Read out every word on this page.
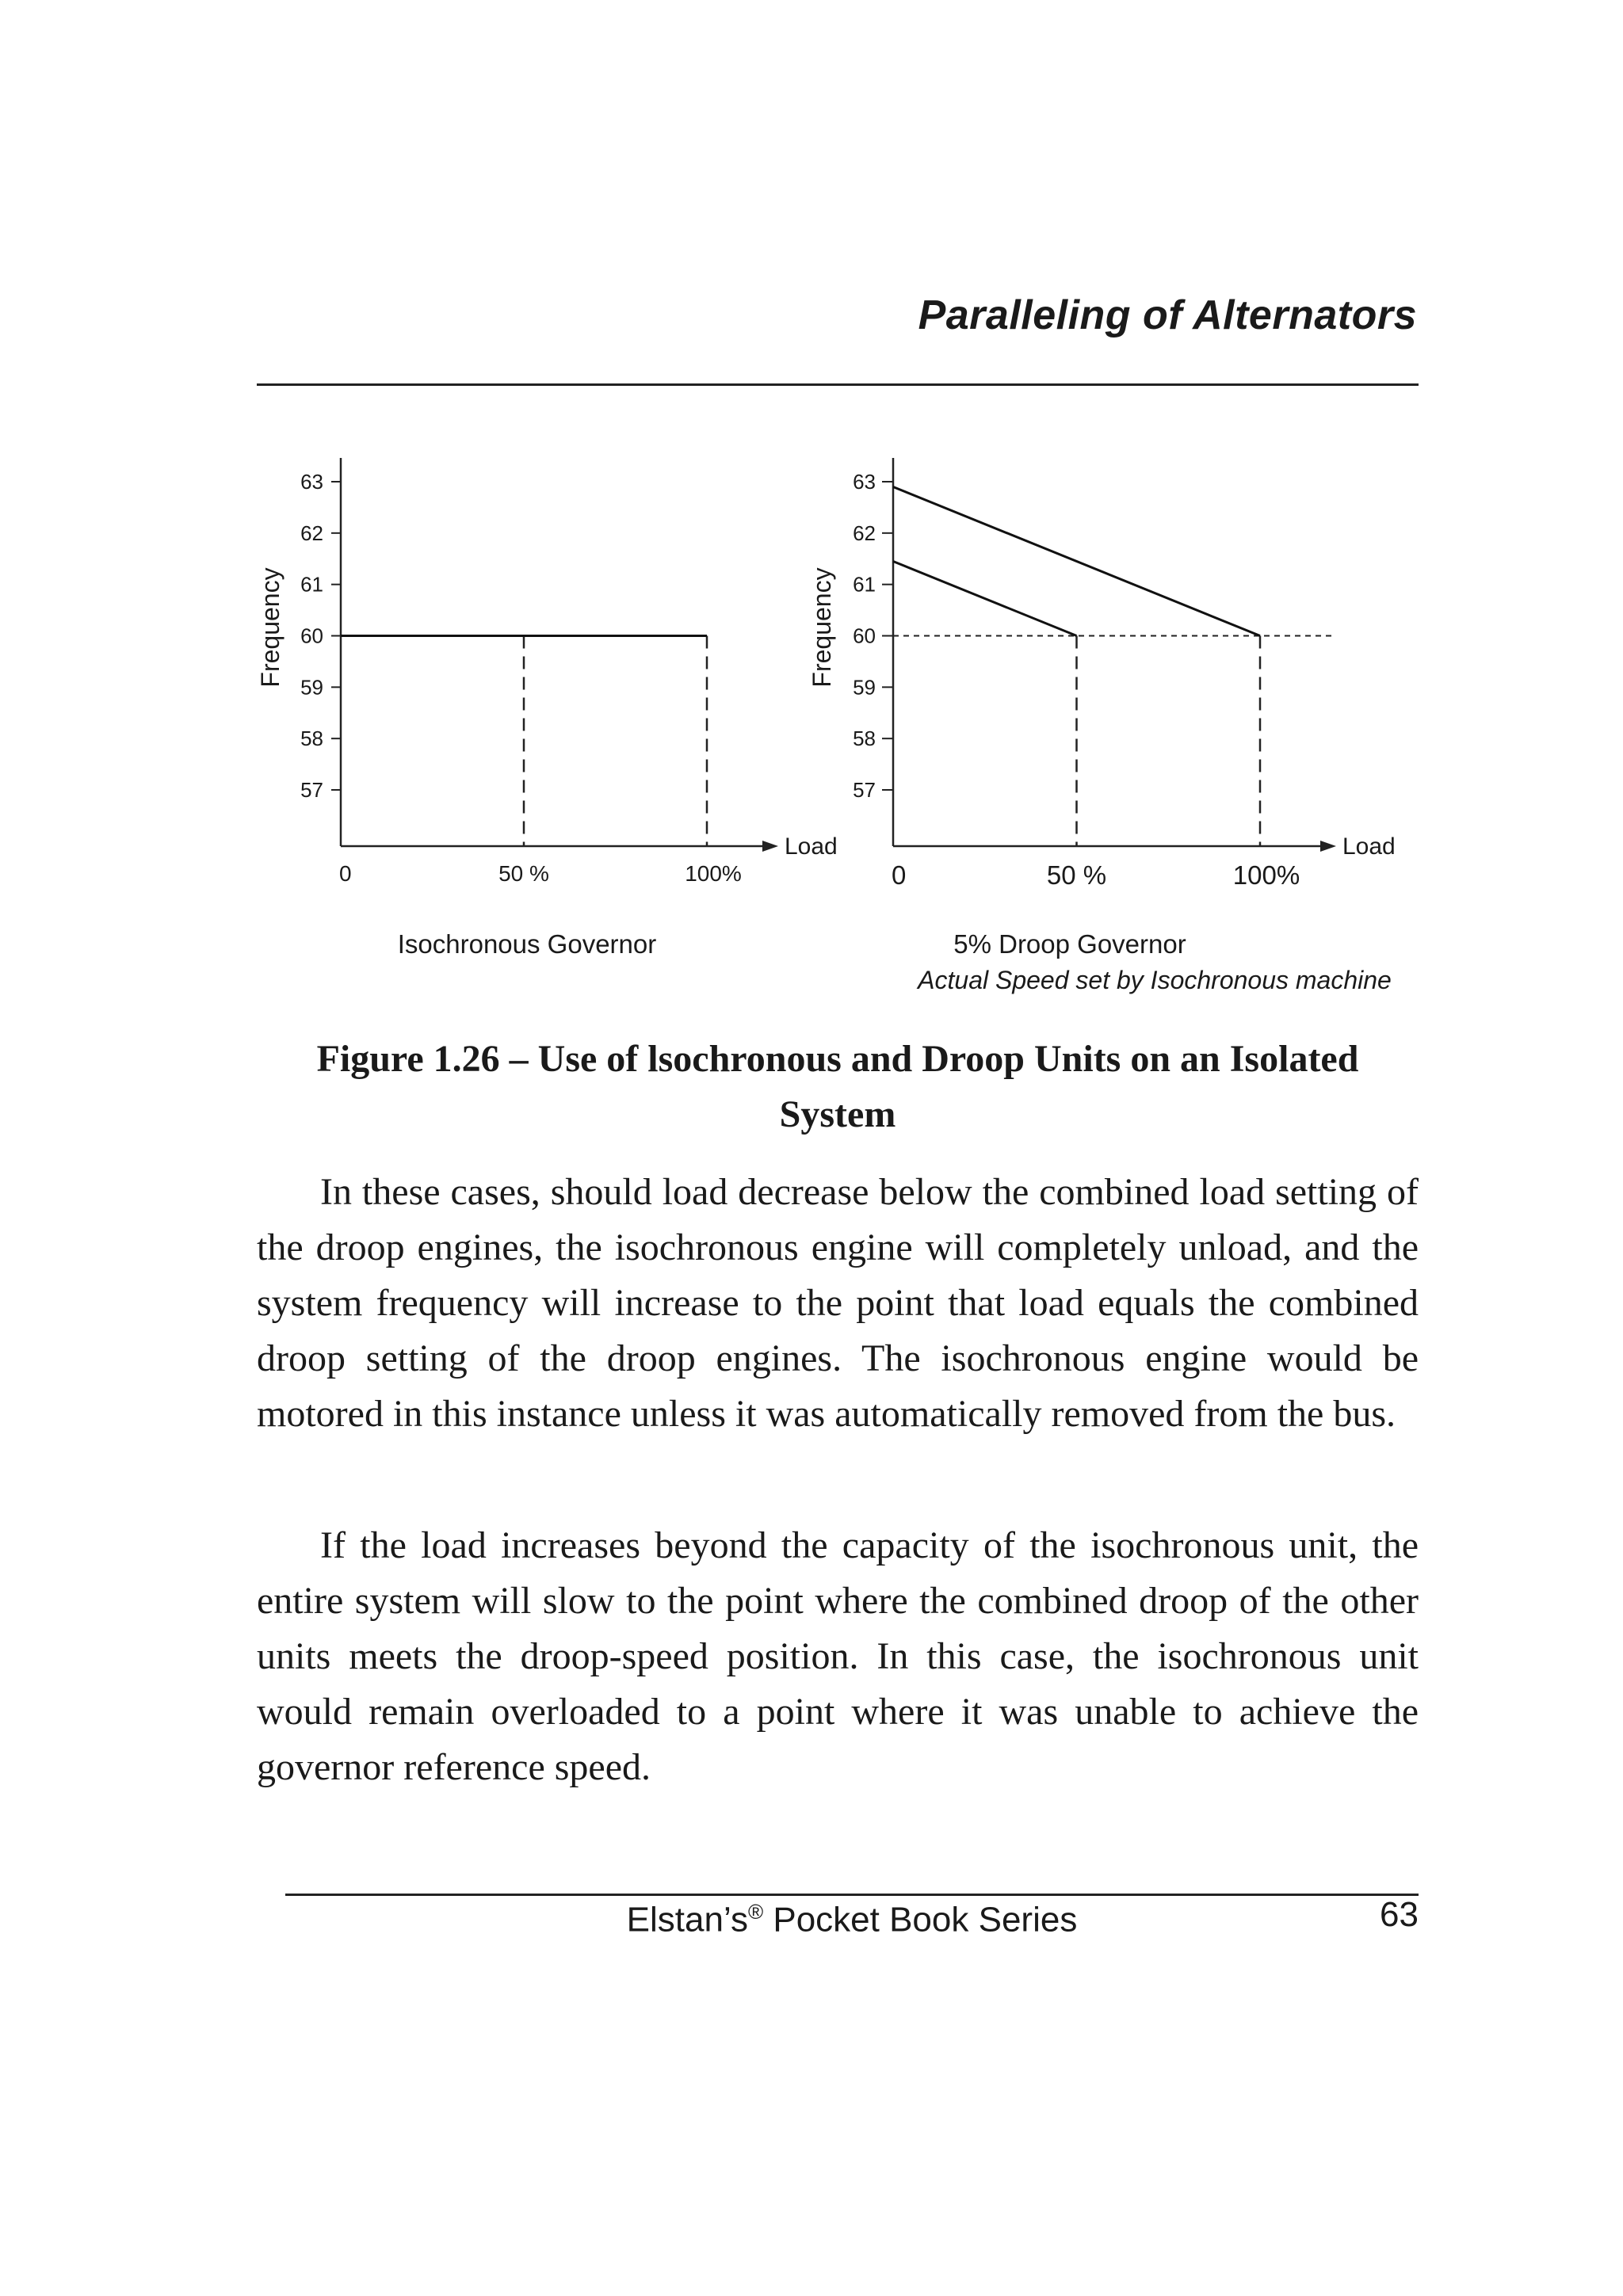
Paralleling of Alternators
63
62
61
60
59
58
57
0	50 %	100%
Frequency
Load
Isochronous Governor
63
62
61
60
59
58
57
0	50 %	100%
Frequency
Load
5% Droop Governor
Actual Speed set by Isochronous machine
Figure 1.26 – Use of lsochronous and Droop Units on an Isolated System

In these cases, should load decrease below the combined load setting of the droop engines, the isochronous engine will completely unload, and the system frequency will increase to the point that load equals the combined droop setting of the droop engines. The isochronous engine would be motored in this instance unless it was automatically removed from the bus.

If the load increases beyond the capacity of the isochronous unit, the entire system will slow to the point where the combined droop of the other units meets the droop-speed position. In this case, the isochronous unit would remain overloaded to a point where it was unable to achieve the governor reference speed.

Elstan’s® Pocket Book Series	63
